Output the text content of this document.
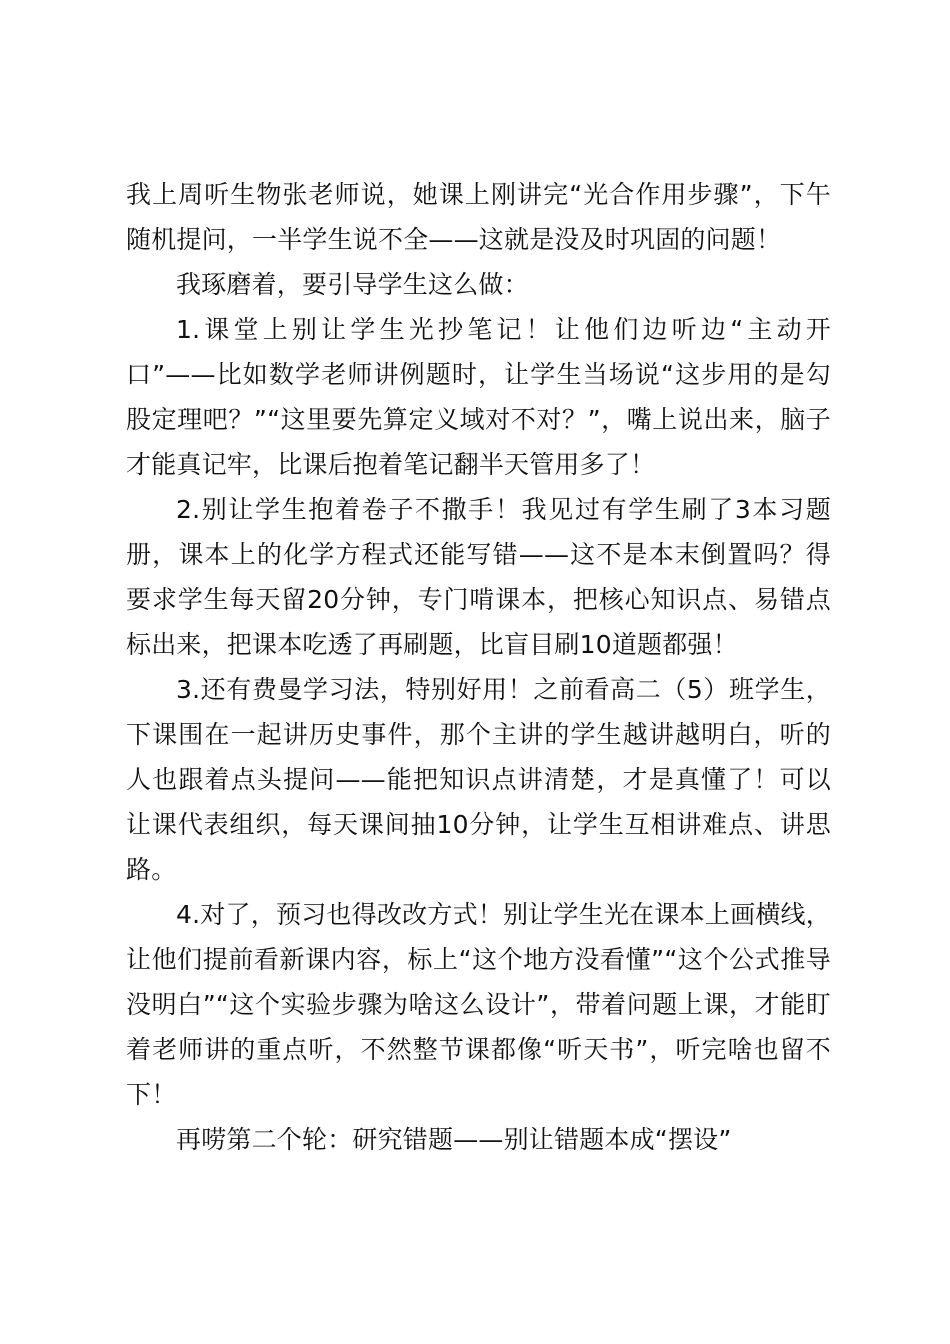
我上周听生物张老师说，她课上刚讲完“光合作用步骤”，下午随机提问，一半学生说不全——这就是没及时巩固的问题！

我琢磨着，要引导学生这么做：

1.课堂上别让学生光抄笔记！让他们边听边“主动开口”——比如数学老师讲例题时，让学生当场说“这步用的是勾股定理吧？”“这里要先算定义域对不对？”，嘴上说出来，脑子才能真记牢，比课后抱着笔记翻半天管用多了！

2.别让学生抱着卷子不撒手！我见过有学生刷了3本习题册，课本上的化学方程式还能写错——这不是本末倒置吗？得要求学生每天留20分钟，专门啃课本，把核心知识点、易错点标出来，把课本吃透了再刷题，比盲目刷10道题都强！

3.还有费曼学习法，特别好用！之前看高二（5）班学生，下课围在一起讲历史事件，那个主讲的学生越讲越明白，听的人也跟着点头提问——能把知识点讲清楚，才是真懂了！可以让课代表组织，每天课间抽10分钟，让学生互相讲难点、讲思路。

4.对了，预习也得改改方式！别让学生光在课本上画横线，让他们提前看新课内容，标上“这个地方没看懂”“这个公式推导没明白”“这个实验步骤为啥这么设计”，带着问题上课，才能盯着老师讲的重点听，不然整节课都像“听天书”，听完啥也留不下！

再唠第二个轮：研究错题——别让错题本成“摆设”
